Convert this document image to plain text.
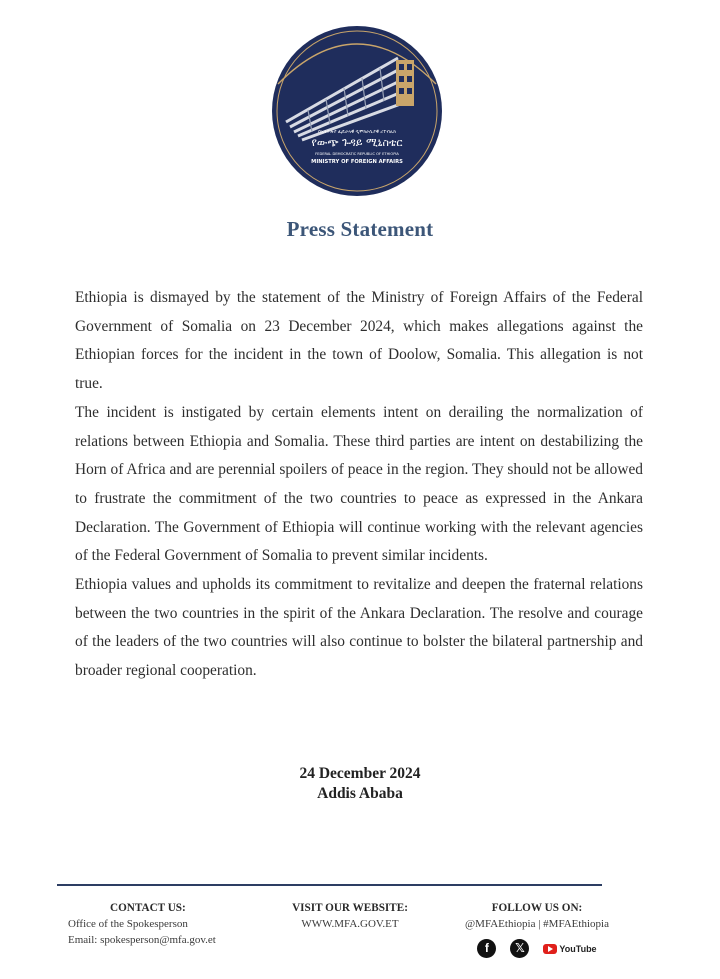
በኢትዮጵያ ፌዴራላዊ ዲሞክራሲያዊ ሪፐብሊክ
የውጭ ጉዳይ ሚኒስቴር
FEDERAL DEMOCRATIC REPUBLIC OF ETHIOPIA
MINISTRY OF FOREIGN AFFAIRS
Press Statement

Ethiopia is dismayed by the statement of the Ministry of Foreign Affairs of the Federal Government of Somalia on 23 December 2024, which makes allegations against the Ethiopian forces for the incident in the town of Doolow, Somalia. This allegation is not true.

The incident is instigated by certain elements intent on derailing the normalization of relations between Ethiopia and Somalia. These third parties are intent on destabilizing the Horn of Africa and are perennial spoilers of peace in the region. They should not be allowed to frustrate the commitment of the two countries to peace as expressed in the Ankara Declaration. The Government of Ethiopia will continue working with the relevant agencies of the Federal Government of Somalia to prevent similar incidents.

Ethiopia values and upholds its commitment to revitalize and deepen the fraternal relations between the two countries in the spirit of the Ankara Declaration. The resolve and courage of the leaders of the two countries will also continue to bolster the bilateral partnership and broader regional cooperation.

24 December 2024
Addis Ababa
CONTACT US:
Office of the Spokesperson
Email: spokesperson@mfa.gov.et
VISIT OUR WEBSITE:
WWW.MFA.GOV.ET
FOLLOW US ON:
@MFAEthiopia | #MFAEthiopia
f	𝕏	YouTube
